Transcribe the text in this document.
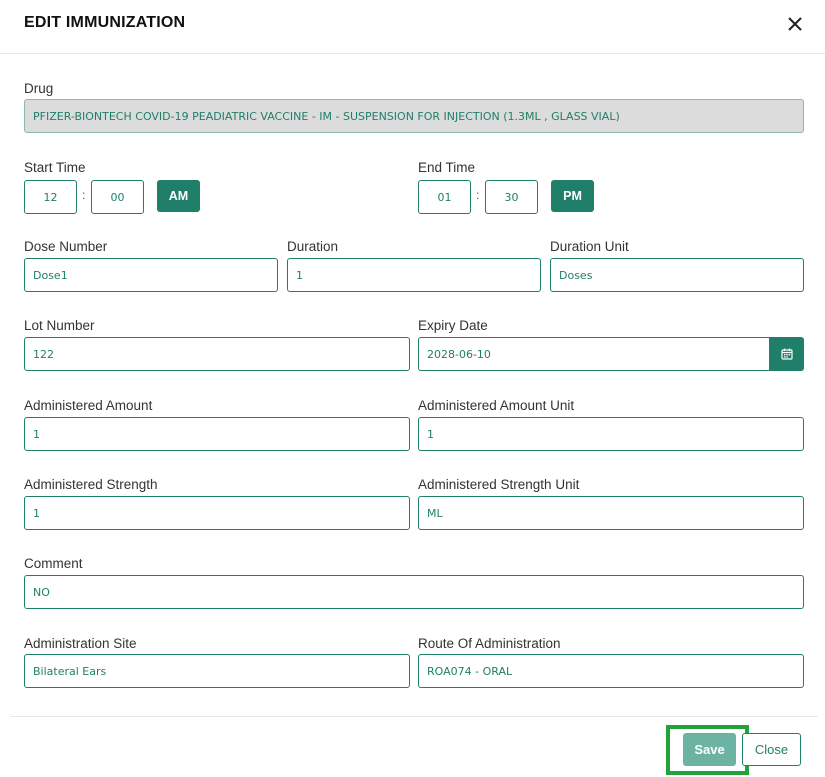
EDIT IMMUNIZATION
Drug
PFIZER-BIONTECH COVID-19 PEADIATRIC VACCINE - IM - SUSPENSION FOR INJECTION (1.3ML , GLASS VIAL)
Start Time
12	:	00	AM
End Time
01	:	30	PM
Dose Number
Dose1
Duration
1
Duration Unit
Doses
Lot Number
122
Expiry Date
2028-06-10
Administered Amount
1
Administered Amount Unit
1
Administered Strength
1
Administered Strength Unit
ML
Comment
NO
Administration Site
Bilateral Ears
Route Of Administration
ROA074 - ORAL
Save	Close
